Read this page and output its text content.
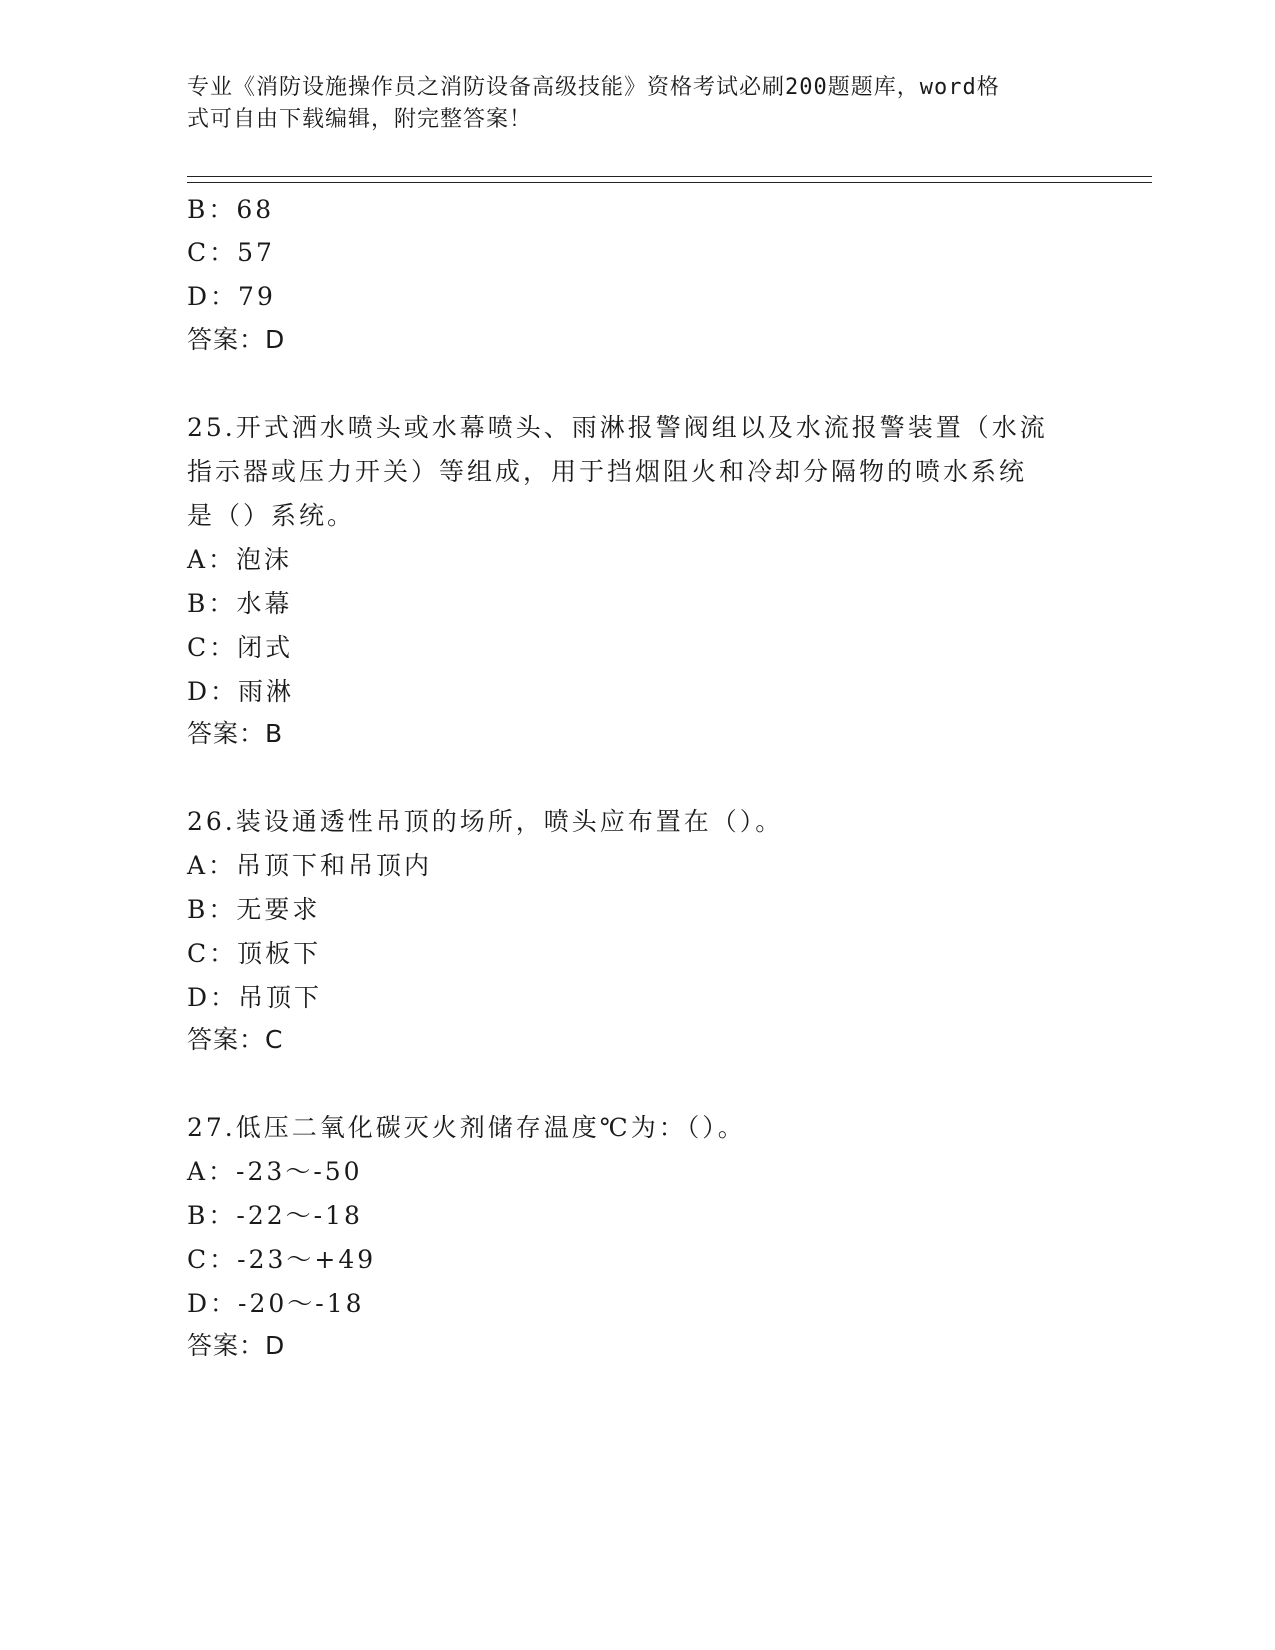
专业《消防设施操作员之消防设备高级技能》资格考试必刷200题题库，word格
式可自由下载编辑，附完整答案！
B：68
C：57
D：79
答案：D
25.开式洒水喷头或水幕喷头、雨淋报警阀组以及水流报警装置（水流
指示器或压力开关）等组成，用于挡烟阻火和冷却分隔物的喷水系统
是（）系统。
A：泡沫
B：水幕
C：闭式
D：雨淋
答案：B
26.装设通透性吊顶的场所，喷头应布置在（）。
A：吊顶下和吊顶内
B：无要求
C：顶板下
D：吊顶下
答案：C
27.低压二氧化碳灭火剂储存温度℃为：（）。
A：-23～-50
B：-22～-18
C：-23～+49
D：-20～-18
答案：D
